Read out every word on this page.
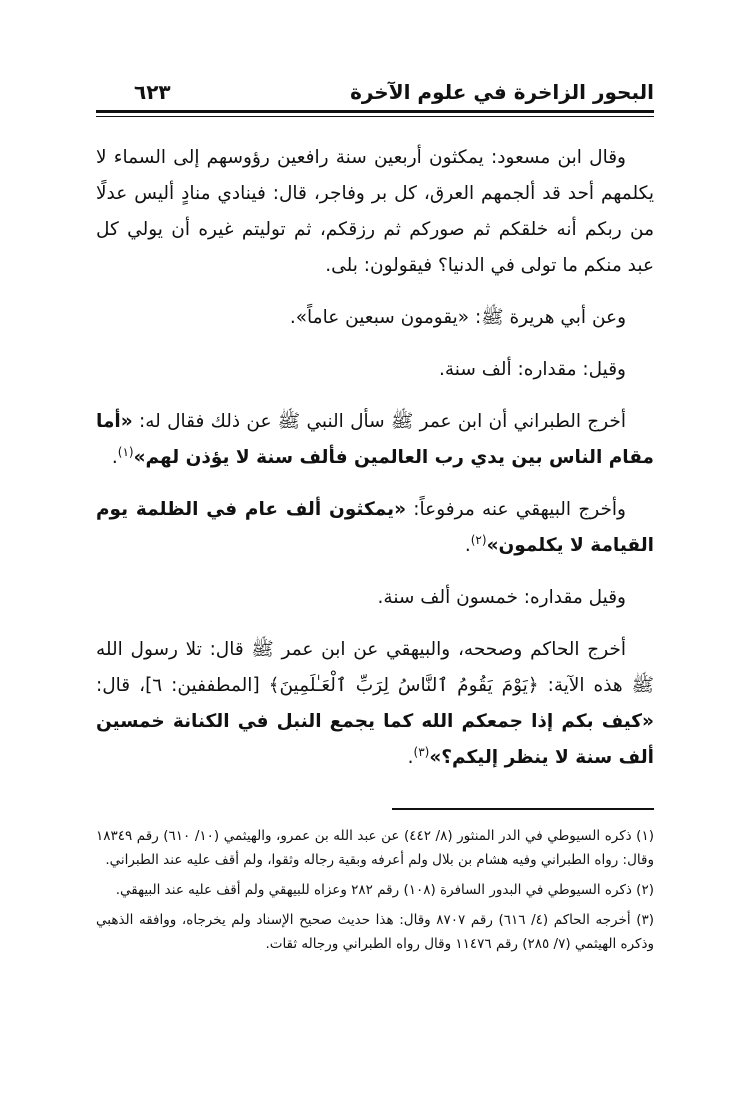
البحور الزاخرة في علوم الآخرة
٦٢٣

وقال ابن مسعود: يمكثون أربعين سنة رافعين رؤوسهم إلى السماء لا يكلمهم أحد قد ألجمهم العرق، كل بر وفاجر، قال: فينادي منادٍ أليس عدلًا من ربكم أنه خلقكم ثم صوركم ثم رزقكم، ثم توليتم غيره أن يولي كل عبد منكم ما تولى في الدنيا؟ فيقولون: بلى.

وعن أبي هريرة ﷺ: «يقومون سبعين عاماً».

وقيل: مقداره: ألف سنة.

أخرج الطبراني أن ابن عمر ﷺ سأل النبي ﷺ عن ذلك فقال له: «أما مقام الناس بين يدي رب العالمين فألف سنة لا يؤذن لهم»$^{(١)}$.

وأخرج البيهقي عنه مرفوعاً: «يمكثون ألف عام في الظلمة يوم القيامة لا يكلمون»$^{(٢)}$.

وقيل مقداره: خمسون ألف سنة.

أخرج الحاكم وصححه، والبيهقي عن ابن عمر ﷺ قال: تلا رسول الله ﷺ هذه الآية: ﴿يَوْمَ يَقُومُ ٱلنَّاسُ لِرَبِّ ٱلْعَـٰلَمِينَ﴾ [المطففين: ٦]، قال: «كيف بكم إذا جمعكم الله كما يجمع النبل في الكنانة خمسين ألف سنة لا ينظر إليكم؟»$^{(٣)}$.

(١) ذكره السيوطي في الدر المنثور (٨/ ٤٤٢) عن عبد الله بن عمرو، والهيثمي (١٠/ ٦١٠) رقم ١٨٣٤٩ وقال: رواه الطبراني وفيه هشام بن بلال ولم أعرفه وبقية رجاله وثقوا، ولم أقف عليه عند الطبراني.

(٢) ذكره السيوطي في البدور السافرة (١٠٨) رقم ٢٨٢ وعزاه للبيهقي ولم أقف عليه عند البيهقي.

(٣) أخرجه الحاكم (٤/ ٦١٦) رقم ٨٧٠٧ وقال: هذا حديث صحيح الإسناد ولم يخرجاه، ووافقه الذهبي وذكره الهيثمي (٧/ ٢٨٥) رقم ١١٤٧٦ وقال رواه الطبراني ورجاله ثقات.
